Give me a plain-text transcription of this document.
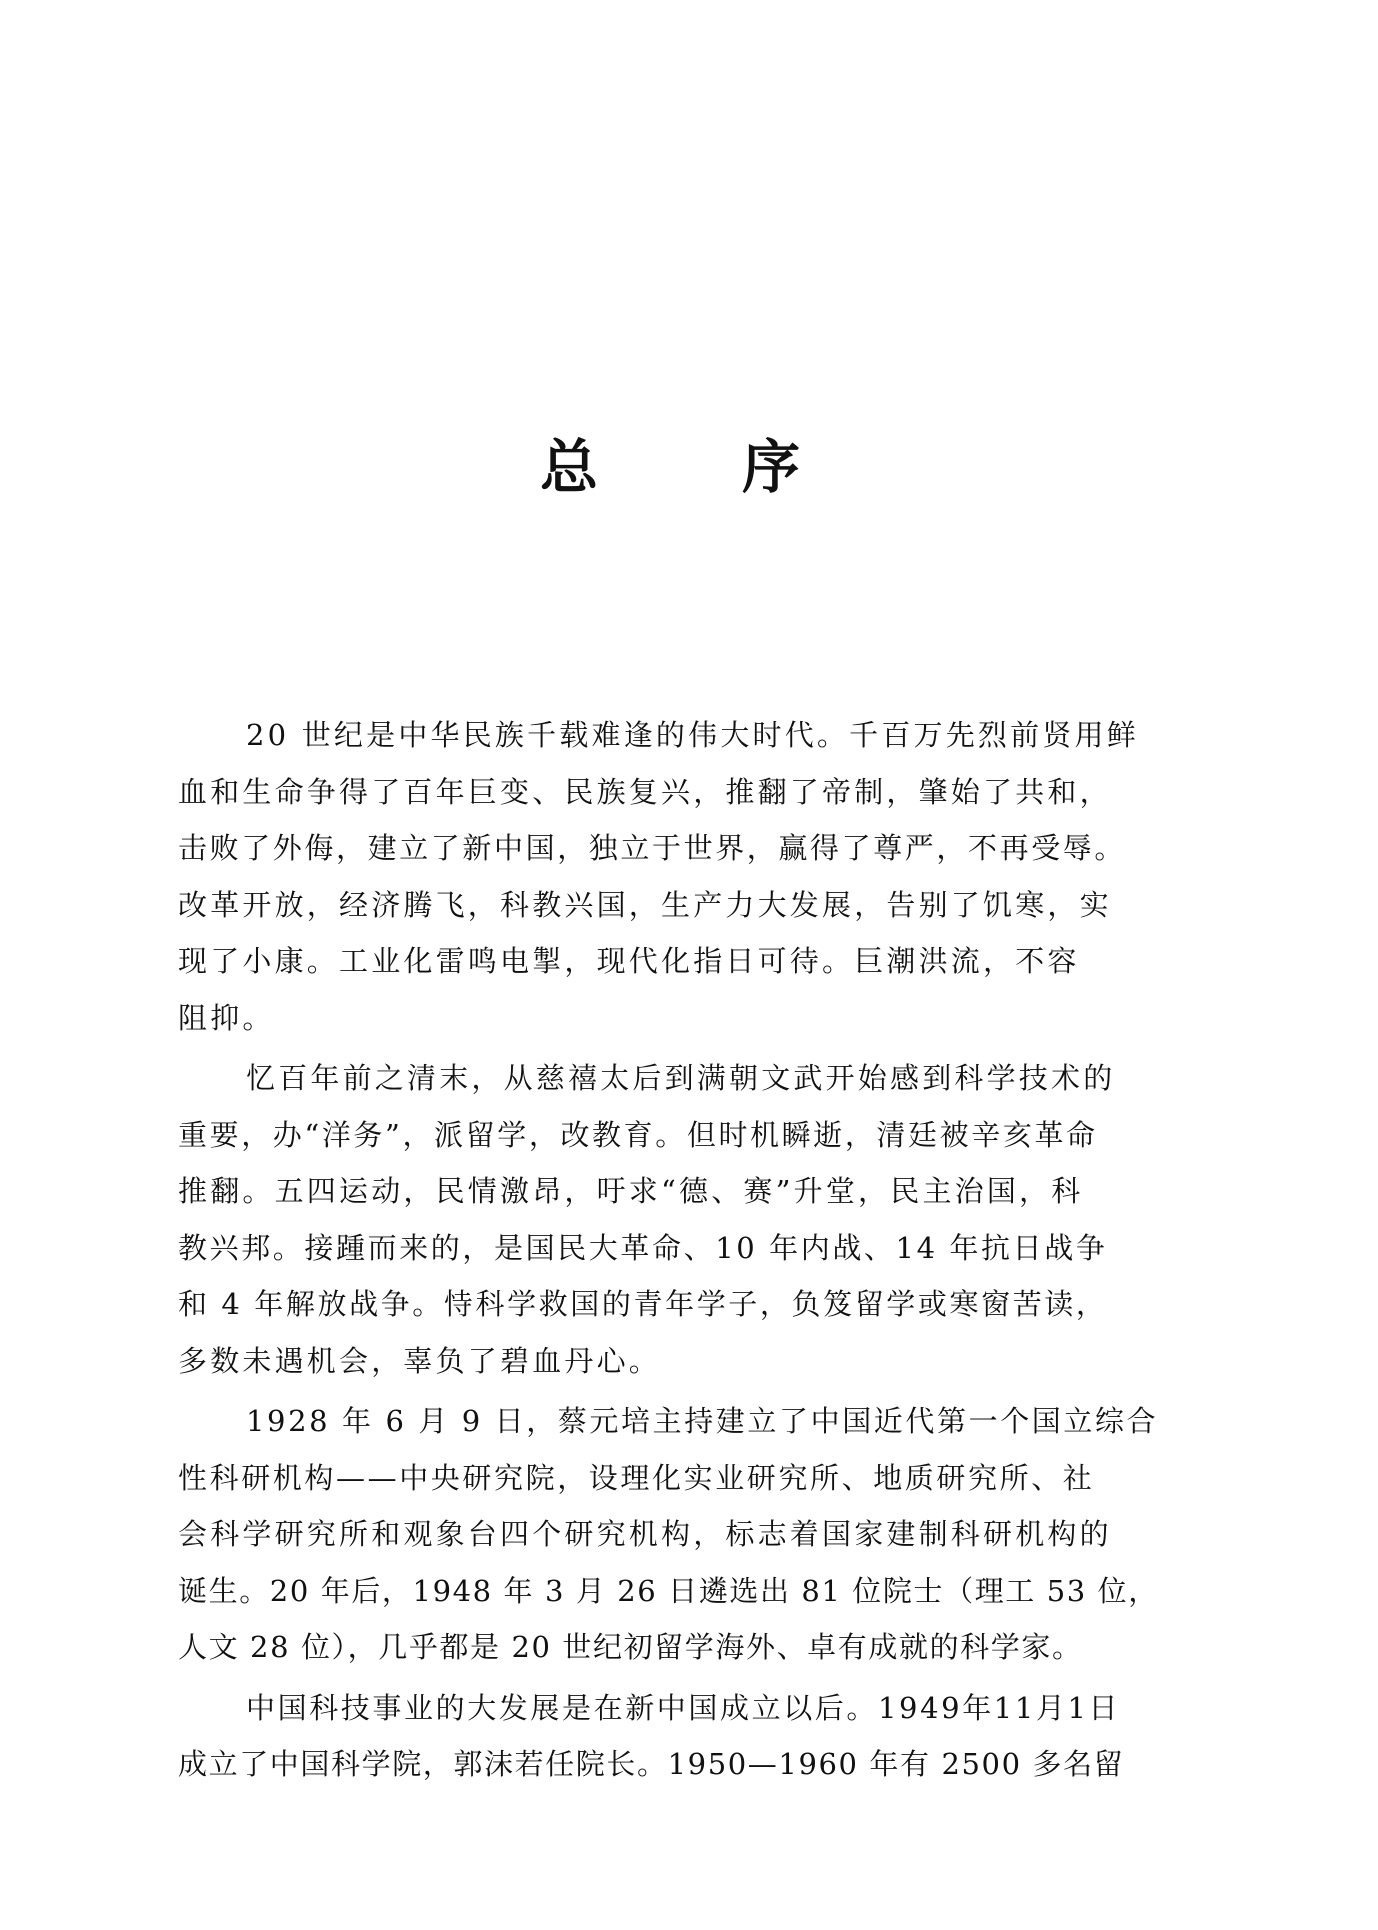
总 序
20 世纪是中华民族千载难逢的伟大时代。千百万先烈前贤用鲜
血和生命争得了百年巨变、民族复兴，推翻了帝制，肇始了共和，
击败了外侮，建立了新中国，独立于世界，赢得了尊严，不再受辱。
改革开放，经济腾飞，科教兴国，生产力大发展，告别了饥寒，实
现了小康。工业化雷鸣电掣，现代化指日可待。巨潮洪流，不容
阻抑。
忆百年前之清末，从慈禧太后到满朝文武开始感到科学技术的
重要，办“洋务”，派留学，改教育。但时机瞬逝，清廷被辛亥革命
推翻。五四运动，民情激昂，吁求“德、赛”升堂，民主治国，科
教兴邦。接踵而来的，是国民大革命、10 年内战、14 年抗日战争
和 4 年解放战争。恃科学救国的青年学子，负笈留学或寒窗苦读，
多数未遇机会，辜负了碧血丹心。
1928 年 6 月 9 日，蔡元培主持建立了中国近代第一个国立综合
性科研机构——中央研究院，设理化实业研究所、地质研究所、社
会科学研究所和观象台四个研究机构，标志着国家建制科研机构的
诞生。20 年后，1948 年 3 月 26 日遴选出 81 位院士（理工 53 位，
人文 28 位），几乎都是 20 世纪初留学海外、卓有成就的科学家。
中国科技事业的大发展是在新中国成立以后。1949年11月1日
成立了中国科学院，郭沫若任院长。1950—1960 年有 2500 多名留
